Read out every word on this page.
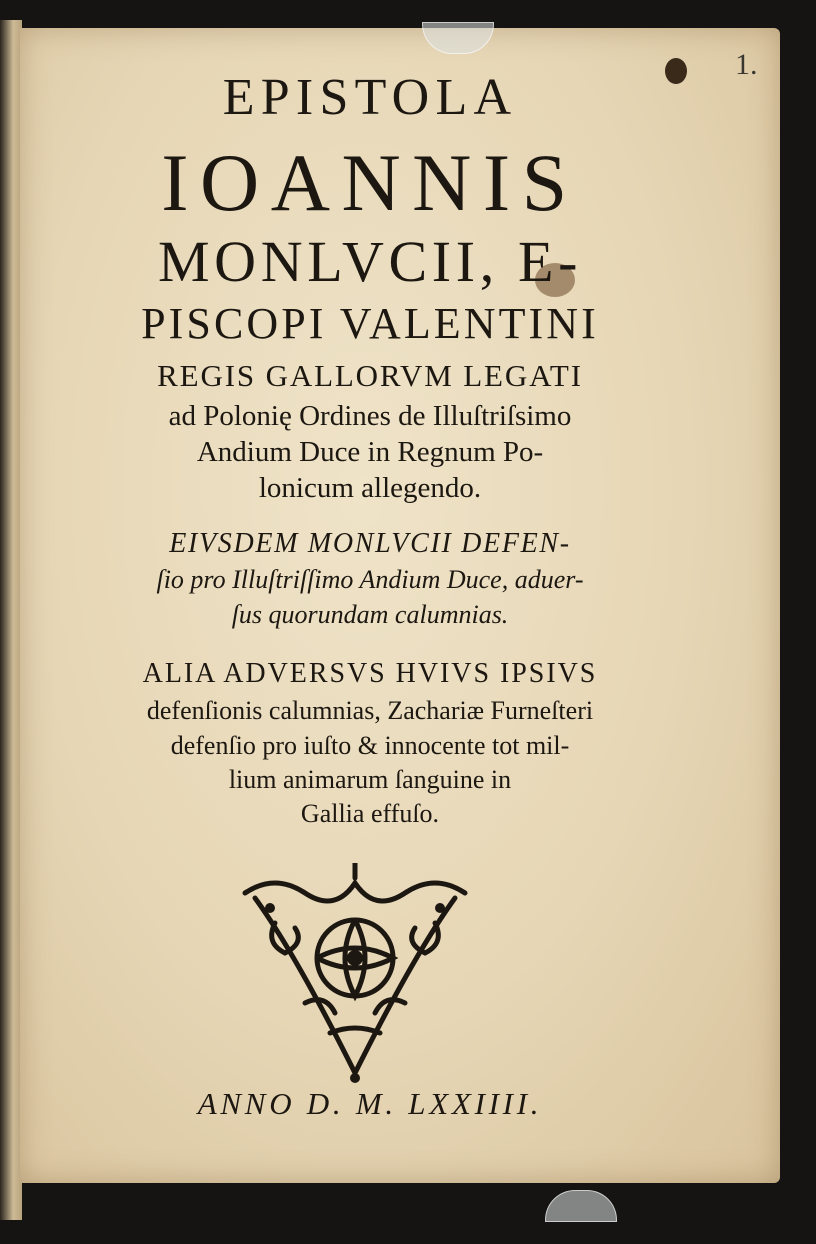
EPISTOLA
IOANNIS
MONLVCII, E-
PISCOPI VALENTINI
REGIS GALLORVM LEGATI
ad Polonię Ordines de Illuſtriſsimo
Andium Duce in Regnum Po-
lonicum allegendo.
EIVSDEM MONLVCII DEFEN-
ſio pro Illuſtriſſimo Andium Duce, aduer-
ſus quorundam calumnias.
ALIA ADVERSVS HVIVS IPSIVS
defenſionis calumnias, Zachariæ Furneſteri
defenſio pro iuſto & innocente tot mil-
lium animarum ſanguine in
Gallia effuſo.
ANNO D. M. LXXIIII.
1.
